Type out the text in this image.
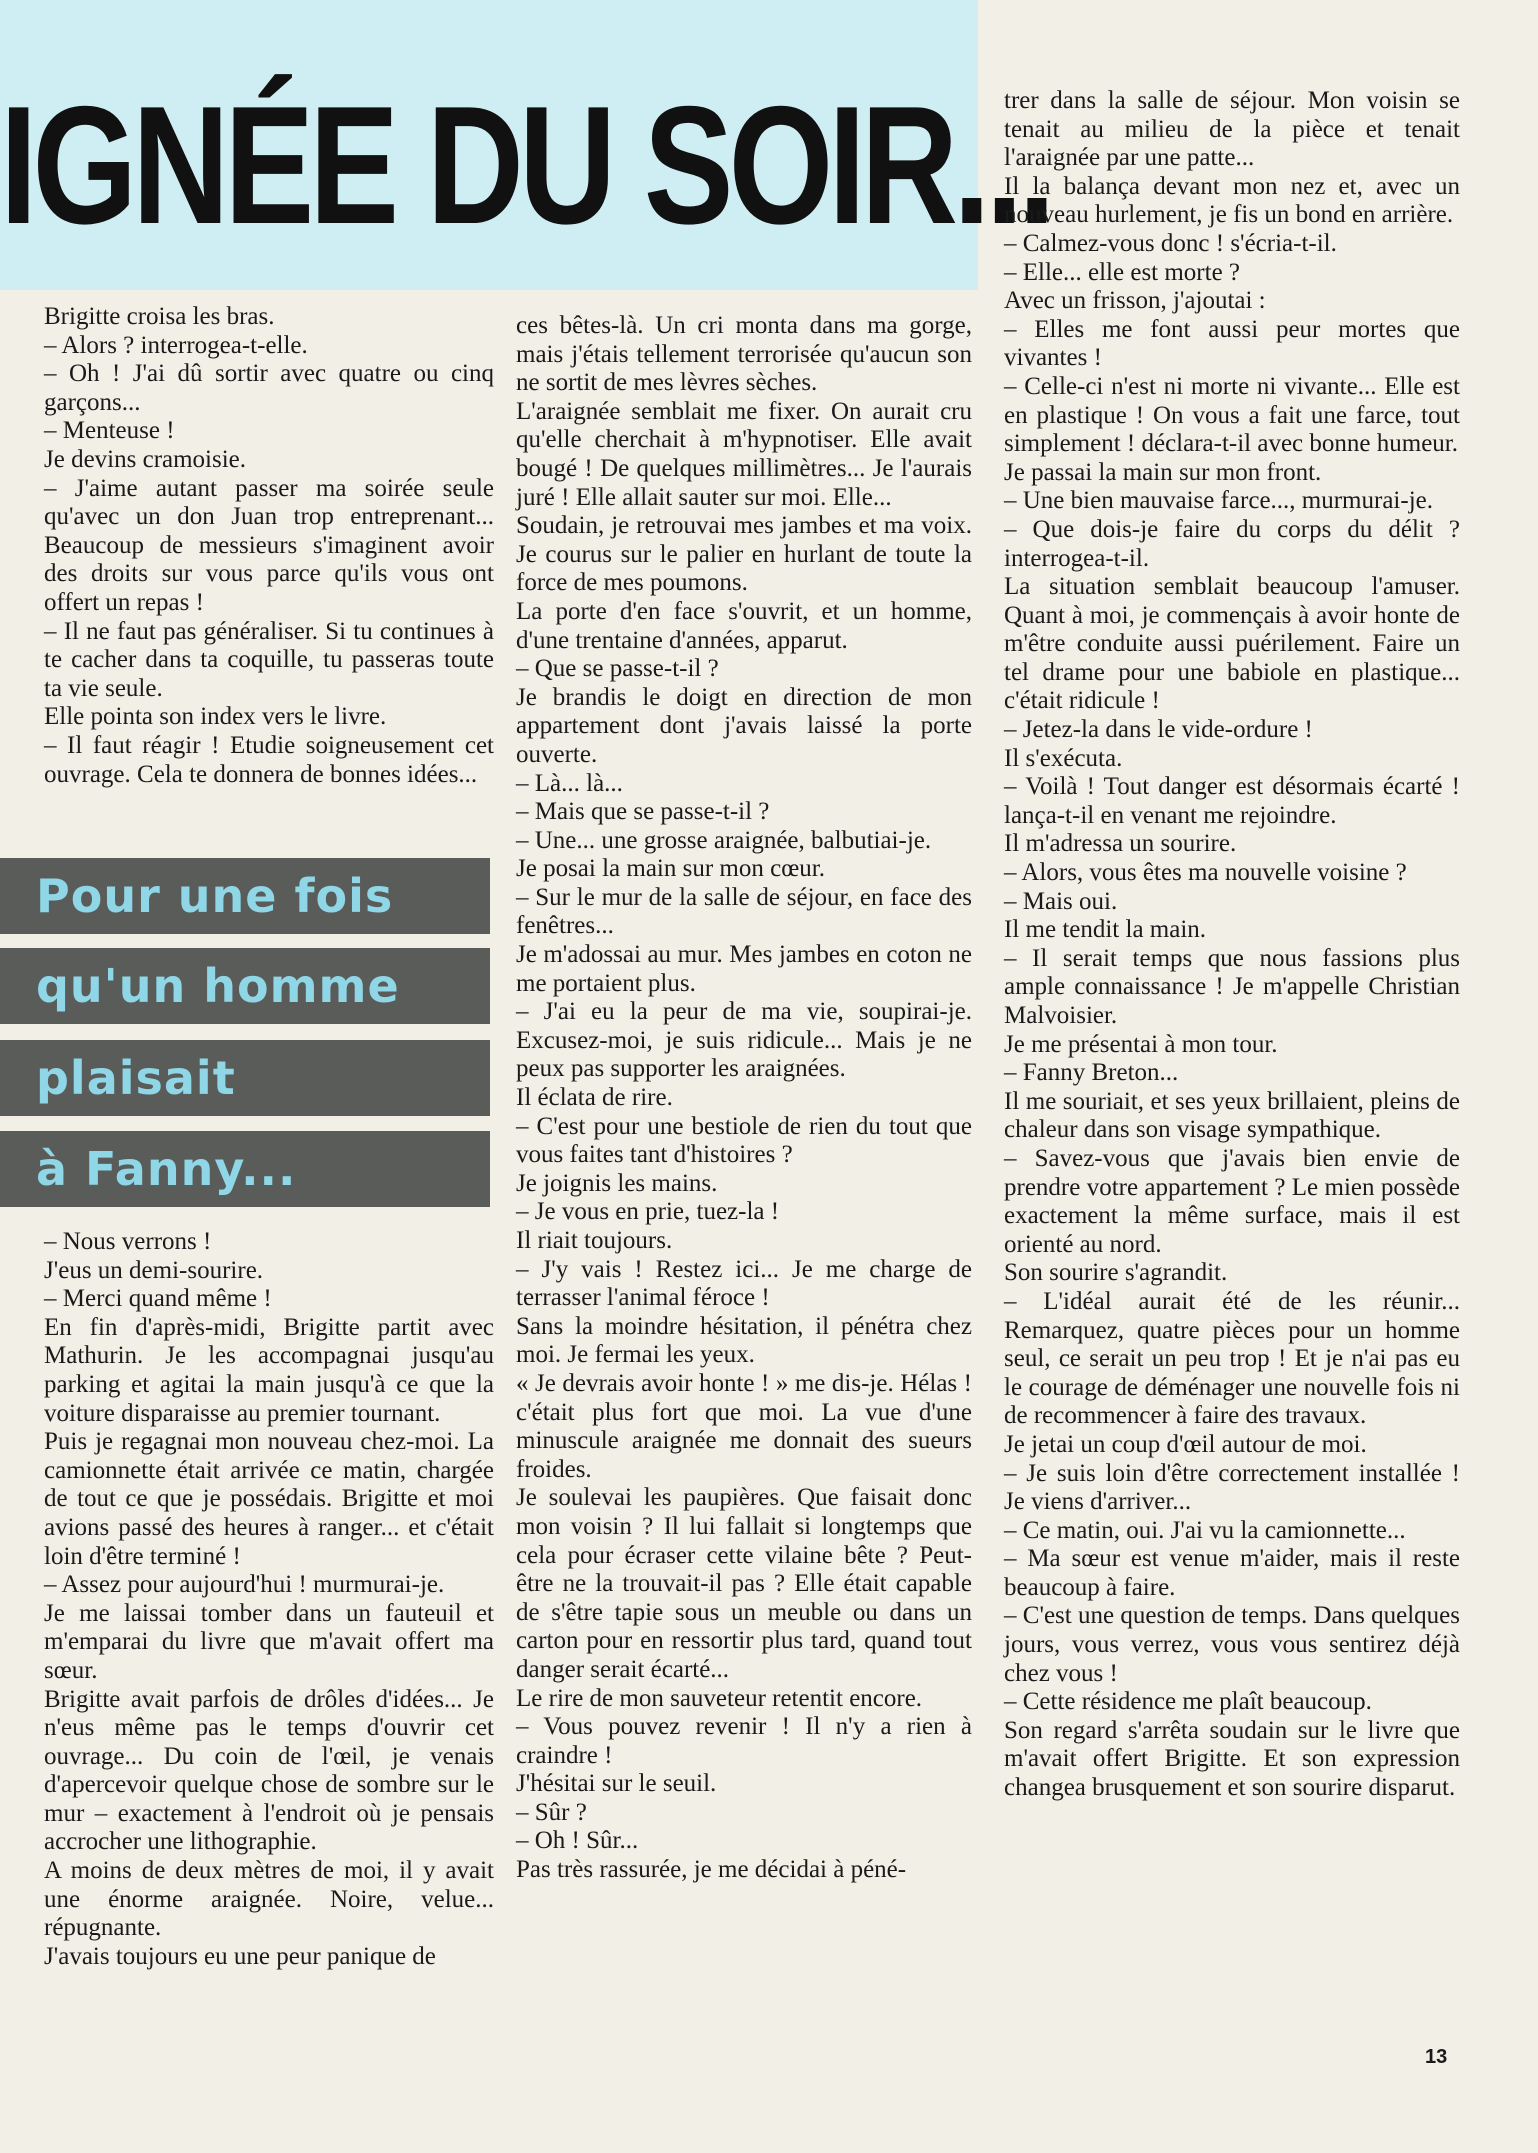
IGNÉE DU SOIR...

Brigitte croisa les bras.

– Alors ? interrogea-t-elle.

– Oh ! J'ai dû sortir avec quatre ou cinq garçons...

– Menteuse !

Je devins cramoisie.

– J'aime autant passer ma soirée seule qu'avec un don Juan trop entreprenant... Beaucoup de messieurs s'imaginent avoir des droits sur vous parce qu'ils vous ont offert un repas !

– Il ne faut pas généraliser. Si tu continues à te cacher dans ta coquille, tu passeras toute ta vie seule.

Elle pointa son index vers le livre.

– Il faut réagir ! Etudie soigneusement cet ouvrage. Cela te donnera de bonnes idées...

Pour une fois
qu'un homme
plaisait
à Fanny...

– Nous verrons !

J'eus un demi-sourire.

– Merci quand même !

En fin d'après-midi, Brigitte partit avec Mathurin. Je les accompagnai jusqu'au parking et agitai la main jusqu'à ce que la voiture disparaisse au premier tournant.

Puis je regagnai mon nouveau chez-moi. La camionnette était arrivée ce matin, chargée de tout ce que je possédais. Brigitte et moi avions passé des heures à ranger... et c'était loin d'être terminé !

– Assez pour aujourd'hui ! murmurai-je.

Je me laissai tomber dans un fauteuil et m'emparai du livre que m'avait offert ma sœur.

Brigitte avait parfois de drôles d'idées... Je n'eus même pas le temps d'ouvrir cet ouvrage... Du coin de l'œil, je venais d'apercevoir quelque chose de sombre sur le mur – exactement à l'endroit où je pensais accrocher une lithographie.

A moins de deux mètres de moi, il y avait une énorme araignée. Noire, velue... répugnante.

J'avais toujours eu une peur panique de

ces bêtes-là. Un cri monta dans ma gorge, mais j'étais tellement terrorisée qu'aucun son ne sortit de mes lèvres sèches.

L'araignée semblait me fixer. On aurait cru qu'elle cherchait à m'hypnotiser. Elle avait bougé ! De quelques millimètres... Je l'aurais juré ! Elle allait sauter sur moi. Elle...

Soudain, je retrouvai mes jambes et ma voix. Je courus sur le palier en hurlant de toute la force de mes poumons.

La porte d'en face s'ouvrit, et un homme, d'une trentaine d'années, apparut.

– Que se passe-t-il ?

Je brandis le doigt en direction de mon appartement dont j'avais laissé la porte ouverte.

– Là... là...

– Mais que se passe-t-il ?

– Une... une grosse araignée, balbutiai-je.

Je posai la main sur mon cœur.

– Sur le mur de la salle de séjour, en face des fenêtres...

Je m'adossai au mur. Mes jambes en coton ne me portaient plus.

– J'ai eu la peur de ma vie, soupirai-je. Excusez-moi, je suis ridicule... Mais je ne peux pas supporter les araignées.

Il éclata de rire.

– C'est pour une bestiole de rien du tout que vous faites tant d'histoires ?

Je joignis les mains.

– Je vous en prie, tuez-la !

Il riait toujours.

– J'y vais ! Restez ici... Je me charge de terrasser l'animal féroce !

Sans la moindre hésitation, il pénétra chez moi. Je fermai les yeux.

« Je devrais avoir honte ! » me dis-je. Hélas ! c'était plus fort que moi. La vue d'une minuscule araignée me donnait des sueurs froides.

Je soulevai les paupières. Que faisait donc mon voisin ? Il lui fallait si longtemps que cela pour écraser cette vilaine bête ? Peut-être ne la trouvait-il pas ? Elle était capable de s'être tapie sous un meuble ou dans un carton pour en ressortir plus tard, quand tout danger serait écarté...

Le rire de mon sauveteur retentit encore.

– Vous pouvez revenir ! Il n'y a rien à craindre !

J'hésitai sur le seuil.

– Sûr ?

– Oh ! Sûr...

Pas très rassurée, je me décidai à péné-

trer dans la salle de séjour. Mon voisin se tenait au milieu de la pièce et tenait l'araignée par une patte...

Il la balança devant mon nez et, avec un nouveau hurlement, je fis un bond en arrière.

– Calmez-vous donc ! s'écria-t-il.

– Elle... elle est morte ?

Avec un frisson, j'ajoutai :

– Elles me font aussi peur mortes que vivantes !

– Celle-ci n'est ni morte ni vivante... Elle est en plastique ! On vous a fait une farce, tout simplement ! déclara-t-il avec bonne humeur.

Je passai la main sur mon front.

– Une bien mauvaise farce..., murmurai-je.

– Que dois-je faire du corps du délit ? interrogea-t-il.

La situation semblait beaucoup l'amuser. Quant à moi, je commençais à avoir honte de m'être conduite aussi puérilement. Faire un tel drame pour une babiole en plastique... c'était ridicule !

– Jetez-la dans le vide-ordure !

Il s'exécuta.

– Voilà ! Tout danger est désormais écarté ! lança-t-il en venant me rejoindre.

Il m'adressa un sourire.

– Alors, vous êtes ma nouvelle voisine ?

– Mais oui.

Il me tendit la main.

– Il serait temps que nous fassions plus ample connaissance ! Je m'appelle Christian Malvoisier.

Je me présentai à mon tour.

– Fanny Breton...

Il me souriait, et ses yeux brillaient, pleins de chaleur dans son visage sympathique.

– Savez-vous que j'avais bien envie de prendre votre appartement ? Le mien possède exactement la même surface, mais il est orienté au nord.

Son sourire s'agrandit.

– L'idéal aurait été de les réunir... Remarquez, quatre pièces pour un homme seul, ce serait un peu trop ! Et je n'ai pas eu le courage de déménager une nouvelle fois ni de recommencer à faire des travaux.

Je jetai un coup d'œil autour de moi.

– Je suis loin d'être correctement installée ! Je viens d'arriver...

– Ce matin, oui. J'ai vu la camionnette...

– Ma sœur est venue m'aider, mais il reste beaucoup à faire.

– C'est une question de temps. Dans quelques jours, vous verrez, vous vous sentirez déjà chez vous !

– Cette résidence me plaît beaucoup.

Son regard s'arrêta soudain sur le livre que m'avait offert Brigitte. Et son expression changea brusquement et son sourire disparut.

13
